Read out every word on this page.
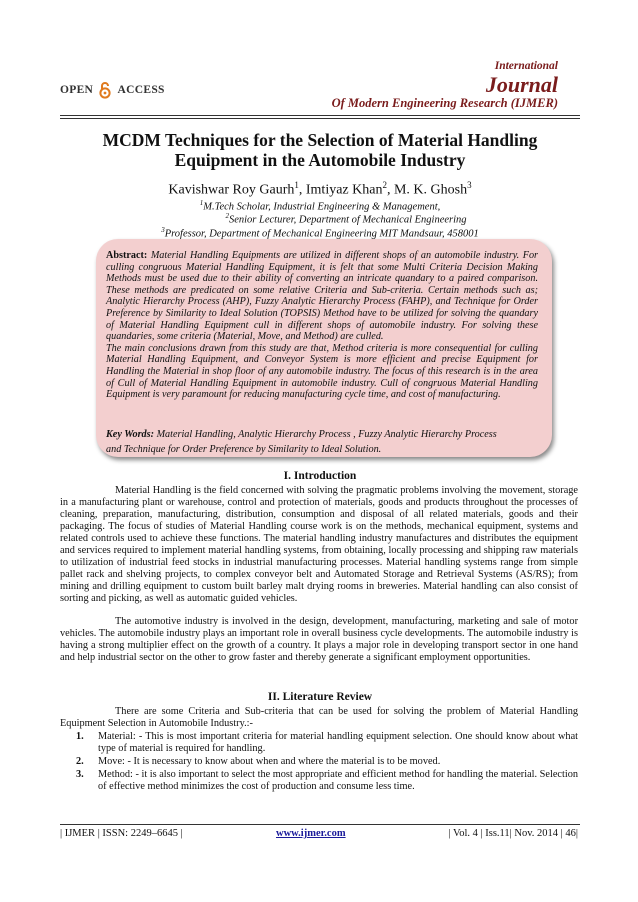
OPEN ACCESS
International
Journal
Of Modern Engineering Research (IJMER)
MCDM Techniques for the Selection of Material Handling
Equipment in the Automobile Industry
Kavishwar Roy Gaurh$^1$, Imtiyaz Khan$^2$, M. K. Ghosh$^3$
$^1$M.Tech Scholar, Industrial Engineering & Management,
$^2$Senior Lecturer, Department of Mechanical Engineering
$^3$Professor, Department of Mechanical Engineering MIT Mandsaur, 458001
Abstract: Material Handling Equipments are utilized in different shops of an automobile industry. For culling congruous Material Handling Equipment, it is felt that some Multi Criteria Decision Making Methods must be used due to their ability of converting an intricate quandary to a paired comparison. These methods are predicated on some relative Criteria and Sub-criteria. Certain methods such as; Analytic Hierarchy Process (AHP), Fuzzy Analytic Hierarchy Process (FAHP), and Technique for Order Preference by Similarity to Ideal Solution (TOPSIS) Method have to be utilized for solving the quandary of Material Handling Equipment cull in different shops of automobile industry. For solving these quandaries, some criteria (Material, Move, and Method) are culled.
The main conclusions drawn from this study are that, Method criteria is more consequential for culling Material Handling Equipment, and Conveyor System is more efficient and precise Equipment for Handling the Material in shop floor of any automobile industry. The focus of this research is in the area of Cull of Material Handling Equipment in automobile industry. Cull of congruous Material Handling Equipment is very paramount for reducing manufacturing cycle time, and cost of manufacturing.
Key Words: Material Handling, Analytic Hierarchy Process , Fuzzy Analytic Hierarchy Process
and Technique for Order Preference by Similarity to Ideal Solution.
I. Introduction
Material Handling is the field concerned with solving the pragmatic problems involving the movement, storage in a manufacturing plant or warehouse, control and protection of materials, goods and products throughout the processes of cleaning, preparation, manufacturing, distribution, consumption and disposal of all related materials, goods and their packaging. The focus of studies of Material Handling course work is on the methods, mechanical equipment, systems and related controls used to achieve these functions. The material handling industry manufactures and distributes the equipment and services required to implement material handling systems, from obtaining, locally processing and shipping raw materials to utilization of industrial feed stocks in industrial manufacturing processes. Material handling systems range from simple pallet rack and shelving projects, to complex conveyor belt and Automated Storage and Retrieval Systems (AS/RS); from mining and drilling equipment to custom built barley malt drying rooms in breweries. Material handling can also consist of sorting and picking, as well as automatic guided vehicles.
The automotive industry is involved in the design, development, manufacturing, marketing and sale of motor vehicles. The automobile industry plays an important role in overall business cycle developments. The automobile industry is having a strong multiplier effect on the growth of a country. It plays a major role in developing transport sector in one hand and help industrial sector on the other to grow faster and thereby generate a significant employment opportunities.
II. Literature Review
There are some Criteria and Sub-criteria that can be used for solving the problem of Material Handling Equipment Selection in Automobile Industry.:-
1. Material: - This is most important criteria for material handling equipment selection. One should know about what type of material is required for handling.
2. Move: - It is necessary to know about when and where the material is to be moved.
3. Method: - it is also important to select the most appropriate and efficient method for handling the material. Selection of effective method minimizes the cost of production and consume less time.
| IJMER | ISSN: 2249–6645 |	www.ijmer.com	| Vol. 4 | Iss.11| Nov. 2014 | 46|
